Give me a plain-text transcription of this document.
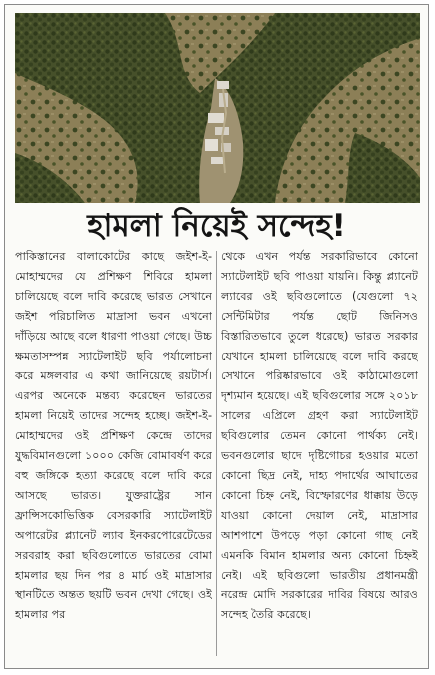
হামলা নিয়েই সন্দেহ!
পাকিস্তানের বালাকোটের কাছে জইশ-ই-মোহাম্মদের যে প্রশিক্ষণ শিবিরে হামলা চালিয়েছে বলে দাবি করেছে ভারত সেখানে জইশ পরিচালিত মাদ্রাসা ভবন এখনো দাঁড়িয়ে আছে বলে ধারণা পাওয়া গেছে। উচ্চ ক্ষমতাসম্পন্ন স্যাটেলাইট ছবি পর্যালোচনা করে মঙ্গলবার এ কথা জানিয়েছে রয়টার্স। এরপর অনেকে মন্তব্য করেছেন ভারতের হামলা নিয়েই তাদের সন্দেহ হচ্ছে। জইশ-ই-মোহাম্মদের ওই প্রশিক্ষণ কেন্দ্রে তাদের যুদ্ধবিমানগুলো ১০০০ কেজি বোমাবর্ষণ করে বহু জঙ্গিকে হত্যা করেছে বলে দাবি করে আসছে ভারত। যুক্তরাষ্ট্রের সান ফ্রান্সিসকোভিত্তিক বেসরকারি স্যাটেলাইট অপারেটর প্ল্যানেট ল্যাব ইনকরপোরেটেডের সরবরাহ করা ছবিগুলোতে ভারতের বোমা হামলার ছয় দিন পর ৪ মার্চ ওই মাদ্রাসার স্থানটিতে অন্তত ছয়টি ভবন দেখা গেছে। ওই হামলার পর
থেকে এখন পর্যন্ত সরকারিভাবে কোনো স্যাটেলাইট ছবি পাওয়া যায়নি। কিন্তু প্ল্যানেট ল্যাবের ওই ছবিগুলোতে (যেগুলো ৭২ সেন্টিমিটার পর্যন্ত ছোট জিনিসও বিস্তারিতভাবে তুলে ধরেছে) ভারত সরকার যেখানে হামলা চালিয়েছে বলে দাবি করছে সেখানে পরিষ্কারভাবে ওই কাঠামোগুলো দৃশ্যমান হয়েছে। এই ছবিগুলোর সঙ্গে ২০১৮ সালের এপ্রিলে গ্রহণ করা স্যাটেলাইট ছবিগুলোর তেমন কোনো পার্থক্য নেই। ভবনগুলোর ছাদে দৃষ্টিগোচর হওয়ার মতো কোনো ছিদ্র নেই, দাহ্য পদার্থের আঘাতের কোনো চিহ্ন নেই, বিস্ফোরণের ধাক্কায় উড়ে যাওয়া কোনো দেয়াল নেই, মাদ্রাসার আশপাশে উপড়ে পড়া কোনো গাছ নেই এমনকি বিমান হামলার অন্য কোনো চিহ্নই নেই। এই ছবিগুলো ভারতীয় প্রধানমন্ত্রী নরেন্দ্র মোদি সরকারের দাবির বিষয়ে আরও সন্দেহ তৈরি করেছে।
